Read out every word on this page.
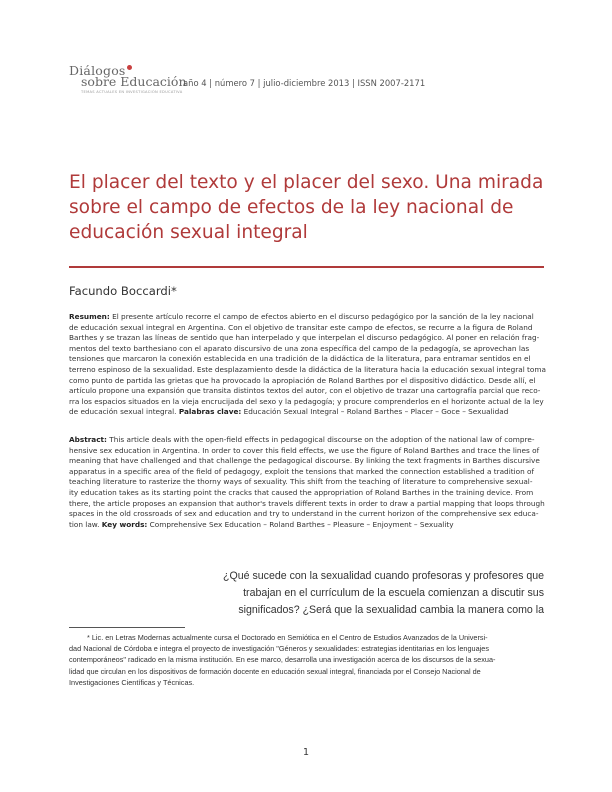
Diálogos
sobre Educación
TEMAS ACTUALES EN INVESTIGACIÓN EDUCATIVA
año 4 | número 7 | julio-diciembre 2013 | ISSN 2007-2171
El placer del texto y el placer del sexo. Una mirada
sobre el campo de efectos de la ley nacional de
educación sexual integral
Facundo Boccardi*
Resumen: El presente artículo recorre el campo de efectos abierto en el discurso pedagógico por la sanción de la ley nacional
de educación sexual integral en Argentina. Con el objetivo de transitar este campo de efectos, se recurre a la figura de Roland
Barthes y se trazan las líneas de sentido que han interpelado y que interpelan el discurso pedagógico. Al poner en relación frag-
mentos del texto barthesiano con el aparato discursivo de una zona específica del campo de la pedagogía, se aprovechan las
tensiones que marcaron la conexión establecida en una tradición de la didáctica de la literatura, para entramar sentidos en el
terreno espinoso de la sexualidad. Este desplazamiento desde la didáctica de la literatura hacia la educación sexual integral toma
como punto de partida las grietas que ha provocado la apropiación de Roland Barthes por el dispositivo didáctico. Desde allí, el
artículo propone una expansión que transita distintos textos del autor, con el objetivo de trazar una cartografía parcial que reco-
rra los espacios situados en la vieja encrucijada del sexo y la pedagogía; y procure comprenderlos en el horizonte actual de la ley
de educación sexual integral. Palabras clave: Educación Sexual Integral – Roland Barthes – Placer – Goce – Sexualidad
Abstract: This article deals with the open-field effects in pedagogical discourse on the adoption of the national law of compre-
hensive sex education in Argentina. In order to cover this field effects, we use the figure of Roland Barthes and trace the lines of
meaning that have challenged and that challenge the pedagogical discourse. By linking the text fragments in Barthes discursive
apparatus in a specific area of the field of pedagogy, exploit the tensions that marked the connection established a tradition of
teaching literature to rasterize the thorny ways of sexuality. This shift from the teaching of literature to comprehensive sexual-
ity education takes as its starting point the cracks that caused the appropriation of Roland Barthes in the training device. From
there, the article proposes an expansion that author's travels different texts in order to draw a partial mapping that loops through
spaces in the old crossroads of sex and education and try to understand in the current horizon of the comprehensive sex educa-
tion law. Key words: Comprehensive Sex Education – Roland Barthes – Pleasure – Enjoyment – Sexuality
¿Qué sucede con la sexualidad cuando profesoras y profesores que
trabajan en el currículum de la escuela comienzan a discutir sus
significados? ¿Será que la sexualidad cambia la manera como la
* Lic. en Letras Modernas actualmente cursa el Doctorado en Semiótica en el Centro de Estudios Avanzados de la Universi-
dad Nacional de Córdoba e integra el proyecto de investigación "Géneros y sexualidades: estrategias identitarias en los lenguajes
contemporáneos" radicado en la misma institución. En ese marco, desarrolla una investigación acerca de los discursos de la sexua-
lidad que circulan en los dispositivos de formación docente en educación sexual integral, financiada por el Consejo Nacional de
Investigaciones Científicas y Técnicas.
1
